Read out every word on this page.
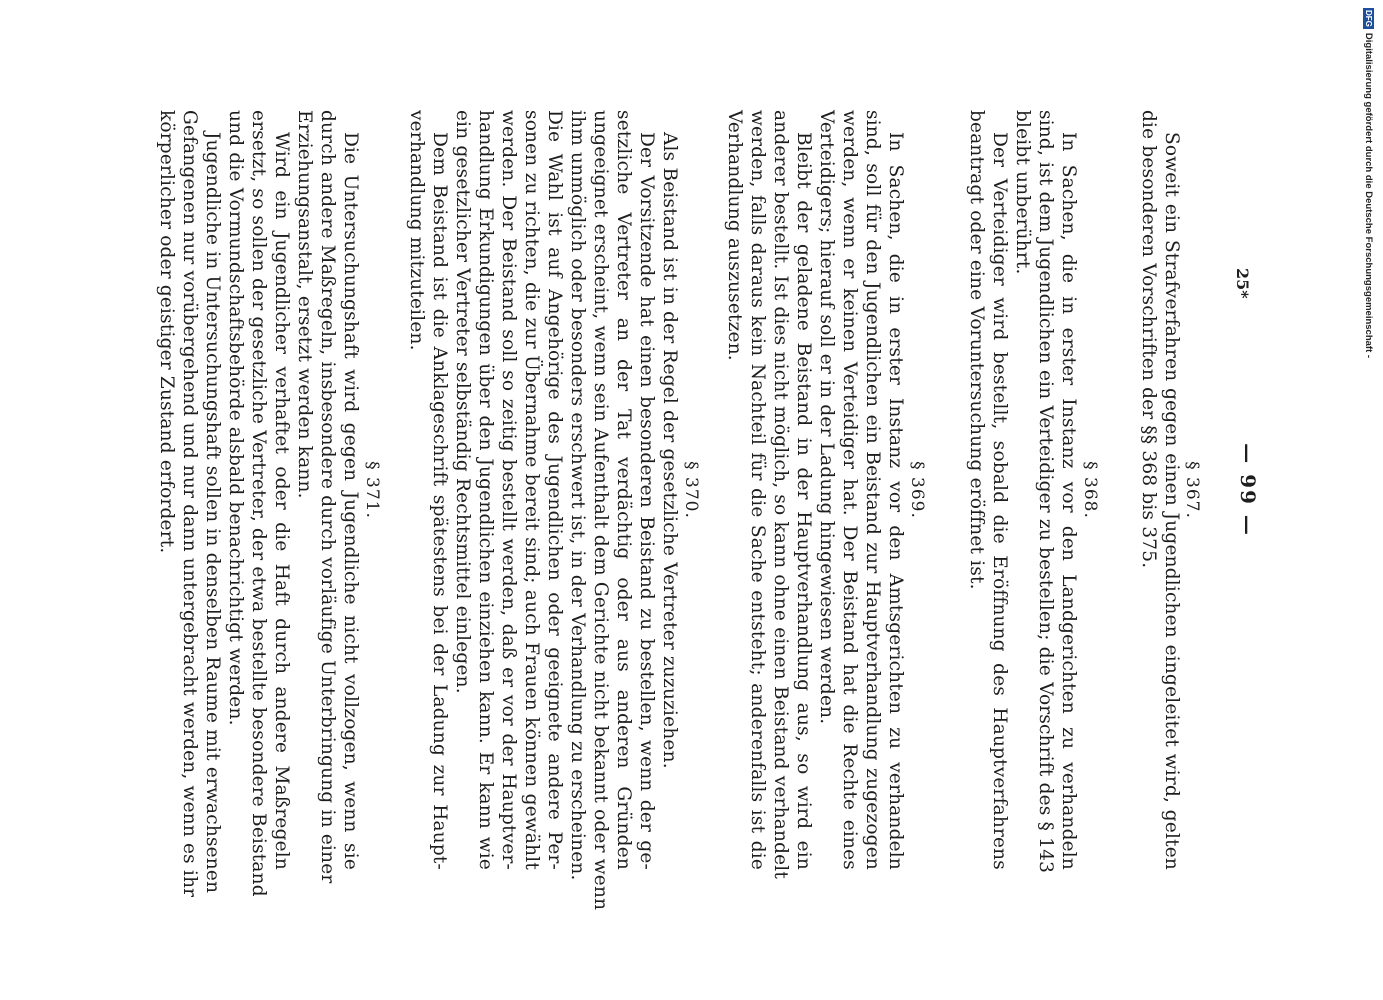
— 99 —
§ 367.
Soweit ein Strafverfahren gegen einen Jugendlichen eingeleitet wird, gelten
die besonderen Vorschriften der §§ 368 bis 375.
§ 368.
In Sachen, die in erster Instanz vor den Landgerichten zu verhandeln
sind, ist dem Jugendlichen ein Verteidiger zu bestellen; die Vorschrift des § 143
bleibt unberührt.
Der Verteidiger wird bestellt, sobald die Eröffnung des Hauptverfahrens
beantragt oder eine Voruntersuchung eröffnet ist.
§ 369.
In Sachen, die in erster Instanz vor den Amtsgerichten zu verhandeln
sind, soll für den Jugendlichen ein Beistand zur Hauptverhandlung zugezogen
werden, wenn er keinen Verteidiger hat. Der Beistand hat die Rechte eines
Verteidigers; hierauf soll er in der Ladung hingewiesen werden.
Bleibt der geladene Beistand in der Hauptverhandlung aus, so wird ein
anderer bestellt. Ist dies nicht möglich, so kann ohne einen Beistand verhandelt
werden, falls daraus kein Nachteil für die Sache entsteht; anderenfalls ist die
Verhandlung auszusetzen.
§ 370.
Als Beistand ist in der Regel der gesetzliche Vertreter zuzuziehen.
Der Vorsitzende hat einen besonderen Beistand zu bestellen, wenn der ge-
setzliche Vertreter an der Tat verdächtig oder aus anderen Gründen
ungeeignet erscheint, wenn sein Aufenthalt dem Gerichte nicht bekannt oder wenn
ihm unmöglich oder besonders erschwert ist, in der Verhandlung zu erscheinen.
Die Wahl ist auf Angehörige des Jugendlichen oder geeignete andere Per-
sonen zu richten, die zur Übernahme bereit sind; auch Frauen können gewählt
werden. Der Beistand soll so zeitig bestellt werden, daß er vor der Hauptver-
handlung Erkundigungen über den Jugendlichen einziehen kann. Er kann wie
ein gesetzlicher Vertreter selbständig Rechtsmittel einlegen.
Dem Beistand ist die Anklageschrift spätestens bei der Ladung zur Haupt-
verhandlung mitzuteilen.
§ 371.
Die Untersuchungshaft wird gegen Jugendliche nicht vollzogen, wenn sie
durch andere Maßregeln, insbesondere durch vorläufige Unterbringung in einer
Erziehungsanstalt, ersetzt werden kann.
Wird ein Jugendlicher verhaftet oder die Haft durch andere Maßregeln
ersetzt, so sollen der gesetzliche Vertreter, der etwa bestellte besondere Beistand
und die Vormundschaftsbehörde alsbald benachrichtigt werden.
Jugendliche in Untersuchungshaft sollen in denselben Raume mit erwachsenen
Gefangenen nur vorübergehend und nur dann untergebracht werden, wenn es ihr
körperlicher oder geistiger Zustand erfordert.	25*
DFG
Digitalisierung gefördert durch die Deutsche Forschungsgemeinschaft -
